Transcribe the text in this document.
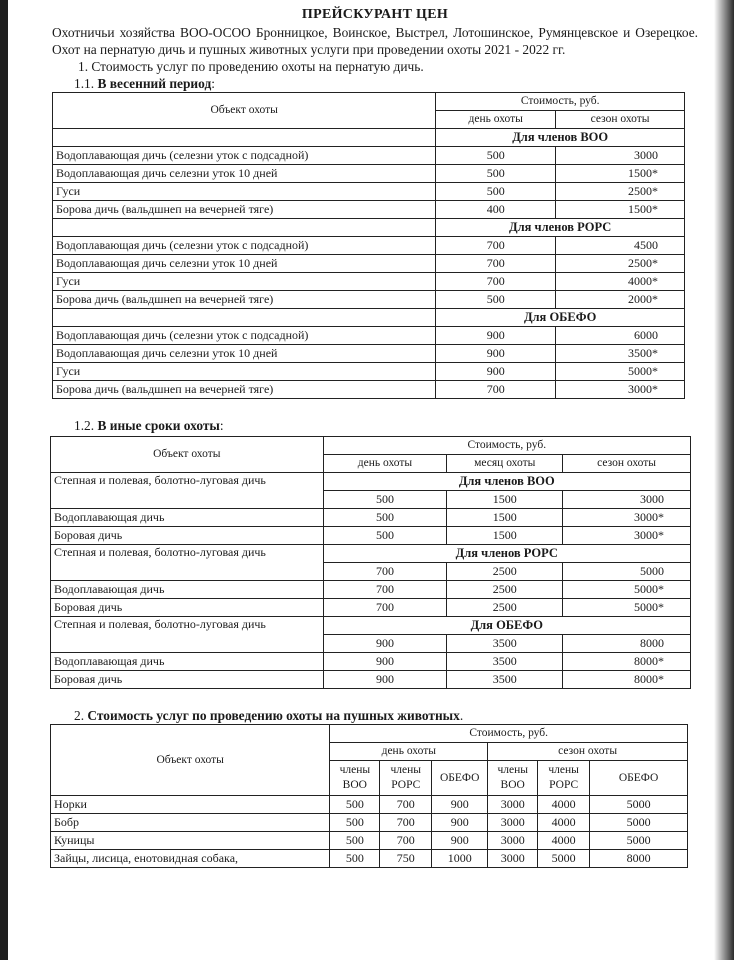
ПРЕЙСКУРАНТ ЦЕН
Охотничьи хозяйства ВОО-ОСОО Бронницкое, Воинское, Выстрел, Лотошинское, Румянцевское и Озерецкое. Охот на пернатую дичь и пушных животных услуги при проведении охоты 2021 - 2022 гг.
1. Стоимость услуг по проведению охоты на пернатую дичь.
1.1. В весенний период:
Объект охоты	Стоимость, руб.	
	день охоты	сезон охоты
	Для членов ВОО	
Водоплавающая дичь (селезни уток с подсадной)	500	3000
Водоплавающая дичь селезни уток 10 дней	500	1500*
Гуси	500	2500*
Борова дичь (вальдшнеп на вечерней тяге)	400	1500*
	Для членов РОРС	
Водоплавающая дичь (селезни уток с подсадной)	700	4500
Водоплавающая дичь селезни уток 10 дней	700	2500*
Гуси	700	4000*
Борова дичь (вальдшнеп на вечерней тяге)	500	2000*
	Для ОБЕФО	
Водоплавающая дичь (селезни уток с подсадной)	900	6000
Водоплавающая дичь селезни уток 10 дней	900	3500*
Гуси	900	5000*
Борова дичь (вальдшнеп на вечерней тяге)	700	3000*
1.2. В иные сроки охоты:
Объект охоты	Стоимость, руб.		
	день охоты	месяц охоты	сезон охоты
Степная и полевая, болотно-луговая дичь	Для членов ВОО		
	500	1500	3000
Водоплавающая дичь	500	1500	3000*
Боровая дичь	500	1500	3000*
Степная и полевая, болотно-луговая дичь	Для членов РОРС		
	700	2500	5000
Водоплавающая дичь	700	2500	5000*
Боровая дичь	700	2500	5000*
Степная и полевая, болотно-луговая дичь	Для ОБЕФО		
	900	3500	8000
Водоплавающая дичь	900	3500	8000*
Боровая дичь	900	3500	8000*
2. Стоимость услуг по проведению охоты на пушных животных.
Объект охоты	Стоимость, руб.					
	день охоты			сезон охоты		
	члены ВОО	члены РОРС	ОБЕФО	члены ВОО	члены РОРС	ОБЕФО
Норки	500	700	900	3000	4000	5000
Бобр	500	700	900	3000	4000	5000
Куницы	500	700	900	3000	4000	5000
Зайцы, лисица, енотовидная собака,	500	750	1000	3000	5000	8000
